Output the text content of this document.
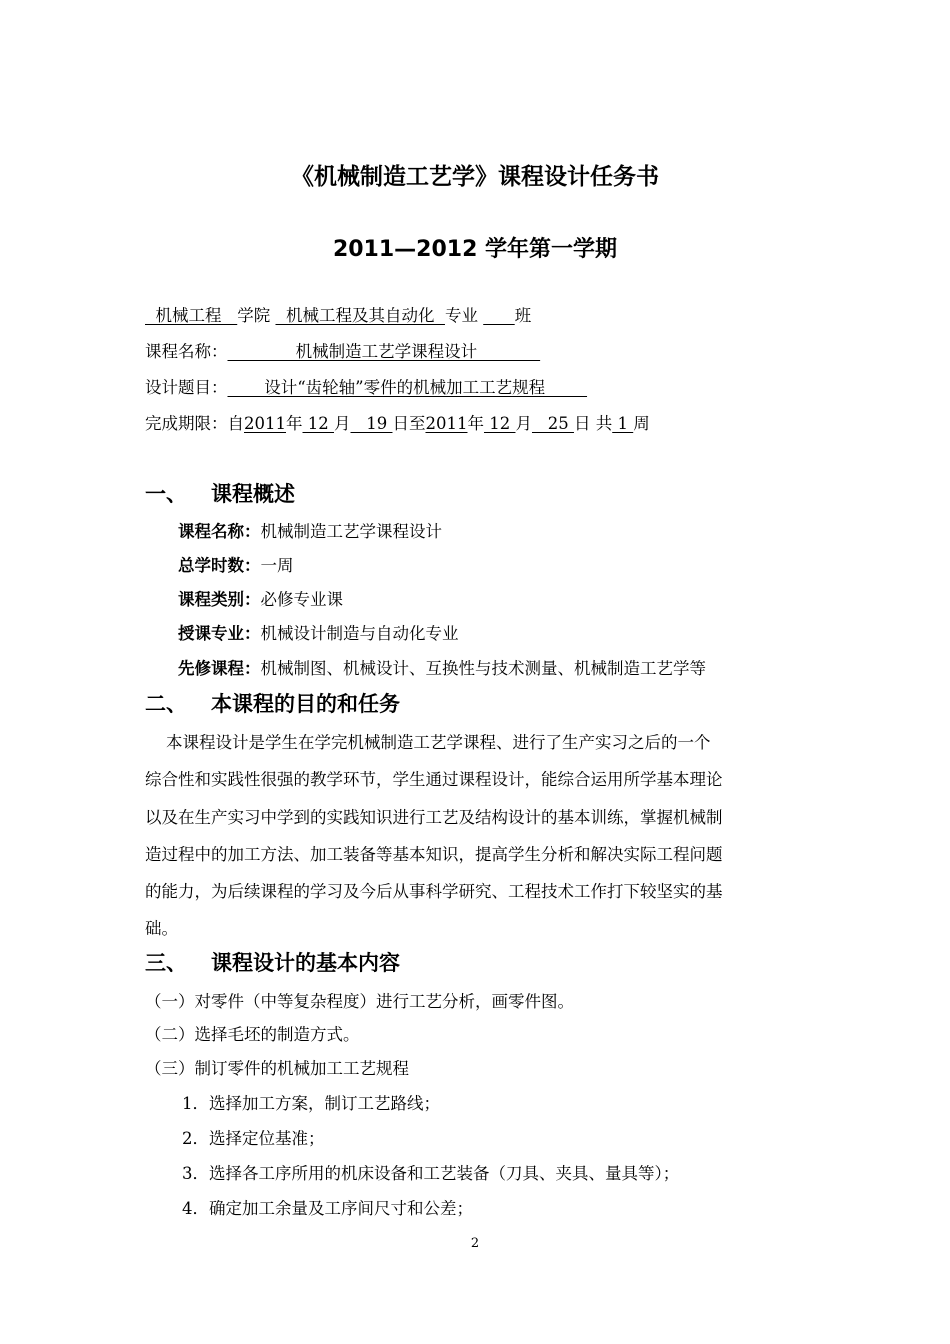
《机械制造工艺学》课程设计任务书
2011—2012 学年第一学期
机械工程   学院   机械工程及其自动化  专业       班
课程名称：             机械制造工艺学课程设计
设计题目：       设计“齿轮轴”零件的机械加工工艺规程
完成期限：自2011年 12 月   19 日至2011年 12 月   25 日 共 1 周
一、 课程概述
课程名称：机械制造工艺学课程设计
总学时数：一周
课程类别：必修专业课
授课专业：机械设计制造与自动化专业
先修课程：机械制图、机械设计、互换性与技术测量、机械制造工艺学等
二、 本课程的目的和任务
本课程设计是学生在学完机械制造工艺学课程、进行了生产实习之后的一个
综合性和实践性很强的教学环节，学生通过课程设计，能综合运用所学基本理论
以及在生产实习中学到的实践知识进行工艺及结构设计的基本训练，掌握机械制
造过程中的加工方法、加工装备等基本知识，提高学生分析和解决实际工程问题
的能力，为后续课程的学习及今后从事科学研究、工程技术工作打下较坚实的基
础。
三、 课程设计的基本内容
（一）对零件（中等复杂程度）进行工艺分析，画零件图。
（二）选择毛坯的制造方式。
（三）制订零件的机械加工工艺规程
1．选择加工方案，制订工艺路线；
2．选择定位基准；
3．选择各工序所用的机床设备和工艺装备（刀具、夹具、量具等）；
4．确定加工余量及工序间尺寸和公差；
2
